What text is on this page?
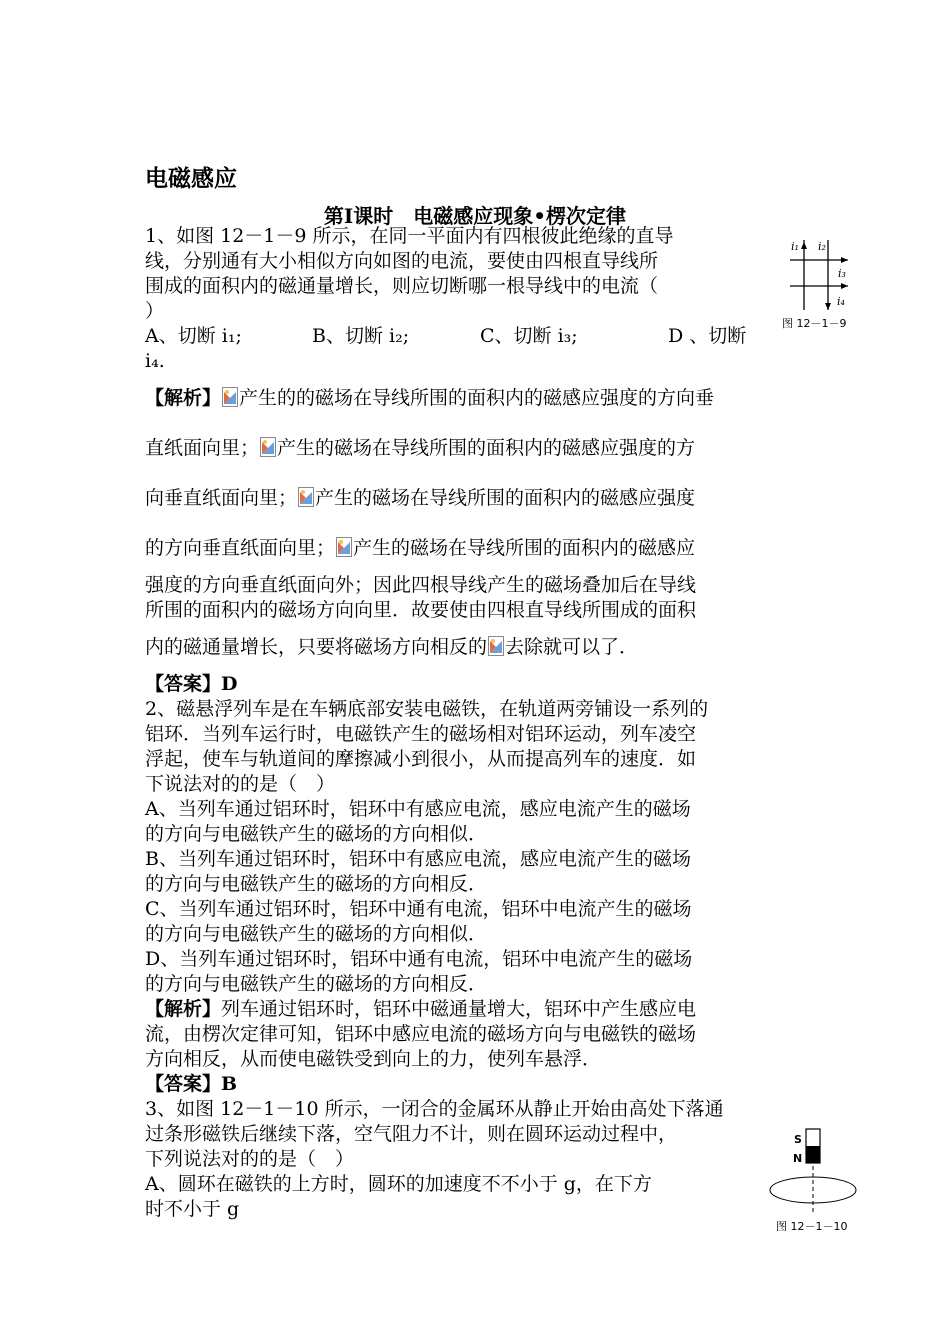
电磁感应
第Ⅰ课时　电磁感应现象•楞次定律
1、如图 12－1－9 所示，在同一平面内有四根彼此绝缘的直导
线，分别通有大小相似方向如图的电流，要使由四根直导线所
围成的面积内的磁通量增长，则应切断哪一根导线中的电流（
）
A、切断 i₁;	B、切断 i₂;	C、切断 i₃;	D 、切断
i₄.
i₁ i₂
i₃
i₄
图 12－1－9
【解析】 产生的的磁场在导线所围的面积内的磁感应强度的方向垂
直纸面向里； 产生的磁场在导线所围的面积内的磁感应强度的方
向垂直纸面向里； 产生的磁场在导线所围的面积内的磁感应强度
的方向垂直纸面向里； 产生的磁场在导线所围的面积内的磁感应
强度的方向垂直纸面向外；因此四根导线产生的磁场叠加后在导线
所围的面积内的磁场方向向里．故要使由四根直导线所围成的面积
内的磁通量增长，只要将磁场方向相反的 去除就可以了．
【答案】D
2、磁悬浮列车是在车辆底部安装电磁铁，在轨道两旁铺设一系列的
铝环．当列车运行时，电磁铁产生的磁场相对铝环运动，列车凌空
浮起，使车与轨道间的摩擦减小到很小，从而提高列车的速度．如
下说法对的的是（　）
A、当列车通过铝环时，铝环中有感应电流，感应电流产生的磁场
的方向与电磁铁产生的磁场的方向相似．
B、当列车通过铝环时，铝环中有感应电流，感应电流产生的磁场
的方向与电磁铁产生的磁场的方向相反．
C、当列车通过铝环时，铝环中通有电流，铝环中电流产生的磁场
的方向与电磁铁产生的磁场的方向相似．
D、当列车通过铝环时，铝环中通有电流，铝环中电流产生的磁场
的方向与电磁铁产生的磁场的方向相反．
【解析】列车通过铝环时，铝环中磁通量增大，铝环中产生感应电
流，由楞次定律可知，铝环中感应电流的磁场方向与电磁铁的磁场
方向相反，从而使电磁铁受到向上的力，使列车悬浮．
【答案】B
3、如图 12－1－10 所示，一闭合的金属环从静止开始由高处下落通
过条形磁铁后继续下落，空气阻力不计，则在圆环运动过程中，
下列说法对的的是（　）
A、圆环在磁铁的上方时，圆环的加速度不不小于 g，在下方
时不小于 g
S
N
图 12－1－10
